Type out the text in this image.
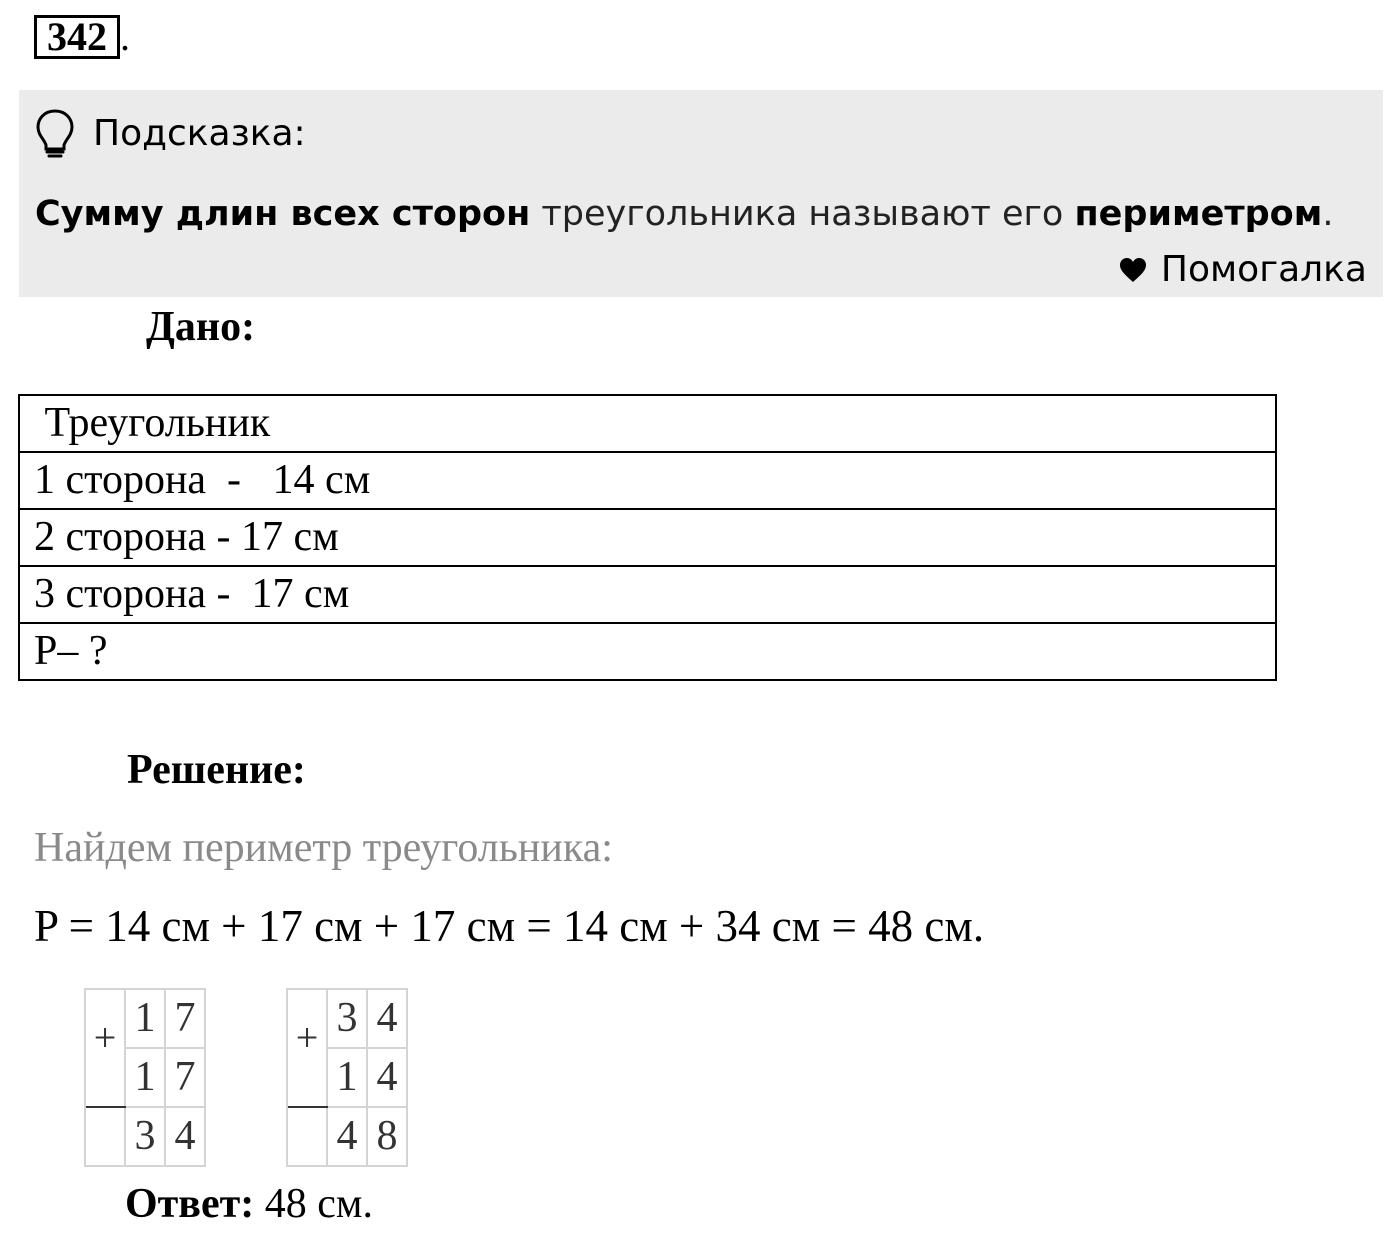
342 .
Подсказка:
Сумму длин всех сторон треугольника называют его периметром.
Помогалка
Дано:
Треугольник
1 сторона  -   14 см
2 сторона - 17 см
3 сторона -  17 см
P– ?
Решение:
Найдем периметр треугольника:
P = 14 см + 17 см + 17 см = 14 см + 34 см = 48 см.
+	1	7
	1	7
	3	4
+	3	4
	1	4
	4	8
Ответ: 48 см.
